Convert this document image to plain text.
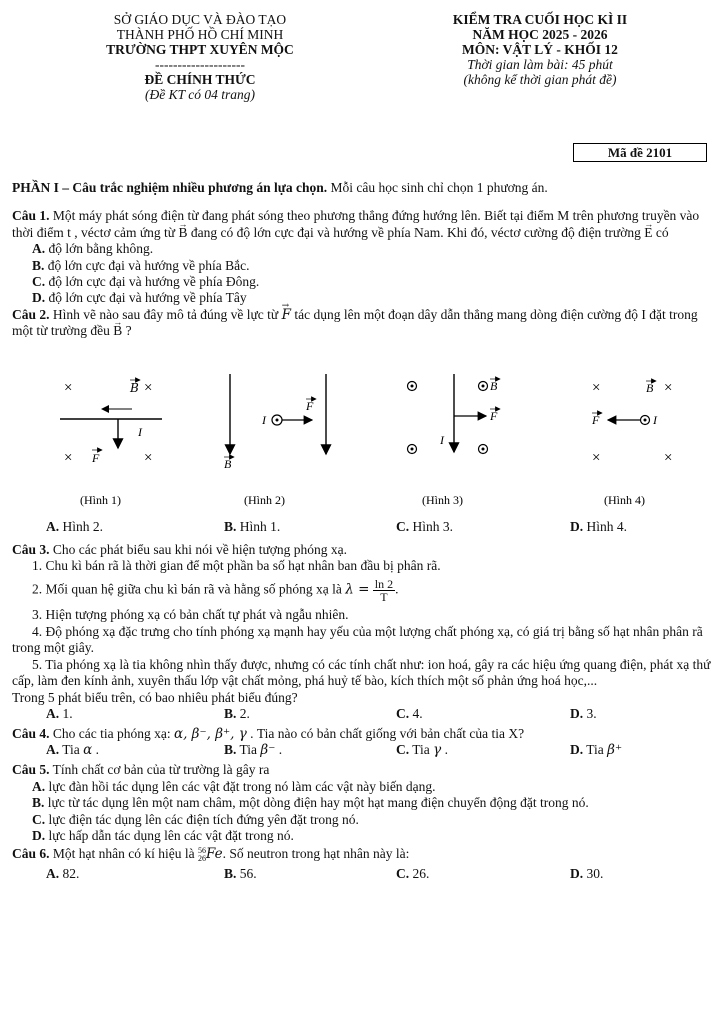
SỞ GIÁO DỤC VÀ ĐÀO TẠO
THÀNH PHỐ HỒ CHÍ MINH
TRƯỜNG THPT XUYÊN MỘC
--------------------
ĐỀ CHÍNH THỨC
(Đề KT có 04 trang)
KIỂM TRA CUỐI HỌC KÌ II
NĂM HỌC 2025 - 2026
MÔN: VẬT LÝ - KHỐI 12
Thời gian làm bài: 45 phút
(không kể thời gian phát đề)
Mã đề 2101

PHẦN I – Câu trắc nghiệm nhiều phương án lựa chọn. Mỗi câu học sinh chỉ chọn 1 phương án.

Câu 1. Một máy phát sóng điện từ đang phát sóng theo phương thẳng đứng hướng lên. Biết tại điểm M trên phương truyền vào thời điểm t , véctơ cảm ứng từ → B đang có độ lớn cực đại và hướng về phía Nam. Khi đó, véctơ cường độ điện trường → E có

A. độ lớn bằng không.

B. độ lớn cực đại và hướng về phía Bắc.

C. độ lớn cực đại và hướng về phía Đông.

D. độ lớn cực đại và hướng về phía Tây

Câu 2. Hình vẽ nào sau đây mô tả đúng về lực từ → F tác dụng lên một đoạn dây dẫn thẳng mang dòng điện cường độ I đặt trong một từ trường đều → B ?

×	B ×
I
× F	×
(Hình 1)
B
I
F
(Hình 2)
B
F
I
(Hình 3)
×	B ×
F	I
×	×
(Hình 4)
A. Hình 2.	B. Hình 1.	C. Hình 3.	D. Hình 4.

Câu 3. Cho các phát biểu sau khi nói về hiện tượng phóng xạ.

1. Chu kì bán rã là thời gian để một phần ba số hạt nhân ban đầu bị phân rã.

2. Mối quan hệ giữa chu kì bán rã và hằng số phóng xạ là $\lambda = \frac{\ln 2}{T}$ .

3. Hiện tượng phóng xạ có bản chất tự phát và ngẫu nhiên.

4. Độ phóng xạ đặc trưng cho tính phóng xạ mạnh hay yếu của một lượng chất phóng xạ, có giá trị bằng số hạt nhân phân rã trong một giây.

5. Tia phóng xạ là tia không nhìn thấy được, nhưng có các tính chất như: ion hoá, gây ra các hiệu ứng quang điện, phát xạ thứ cấp, làm đen kính ảnh, xuyên thấu lớp vật chất mỏng, phá huỷ tế bào, kích thích một số phản ứng hoá học,...

Trong 5 phát biểu trên, có bao nhiêu phát biểu đúng?

A. 1.	B. 2.	C. 4.	D. 3.

Câu 4. Cho các tia phóng xạ: α, β⁻, β⁺, γ . Tia nào có bản chất giống với bản chất của tia X?

A. Tia α .	B. Tia β⁻ .	C. Tia γ .	D. Tia β⁺

Câu 5. Tính chất cơ bản của từ trường là gây ra

A. lực đàn hồi tác dụng lên các vật đặt trong nó làm các vật này biến dạng.

B. lực từ tác dụng lên một nam châm, một dòng điện hay một hạt mang điện chuyển động đặt trong nó.

C. lực điện tác dụng lên các điện tích đứng yên đặt trong nó.

D. lực hấp dẫn tác dụng lên các vật đặt trong nó.

Câu 6. Một hạt nhân có kí hiệu là 56
26 Fe. Số neutron trong hạt nhân này là:

A. 82.	B. 56.	C. 26.	D. 30.
